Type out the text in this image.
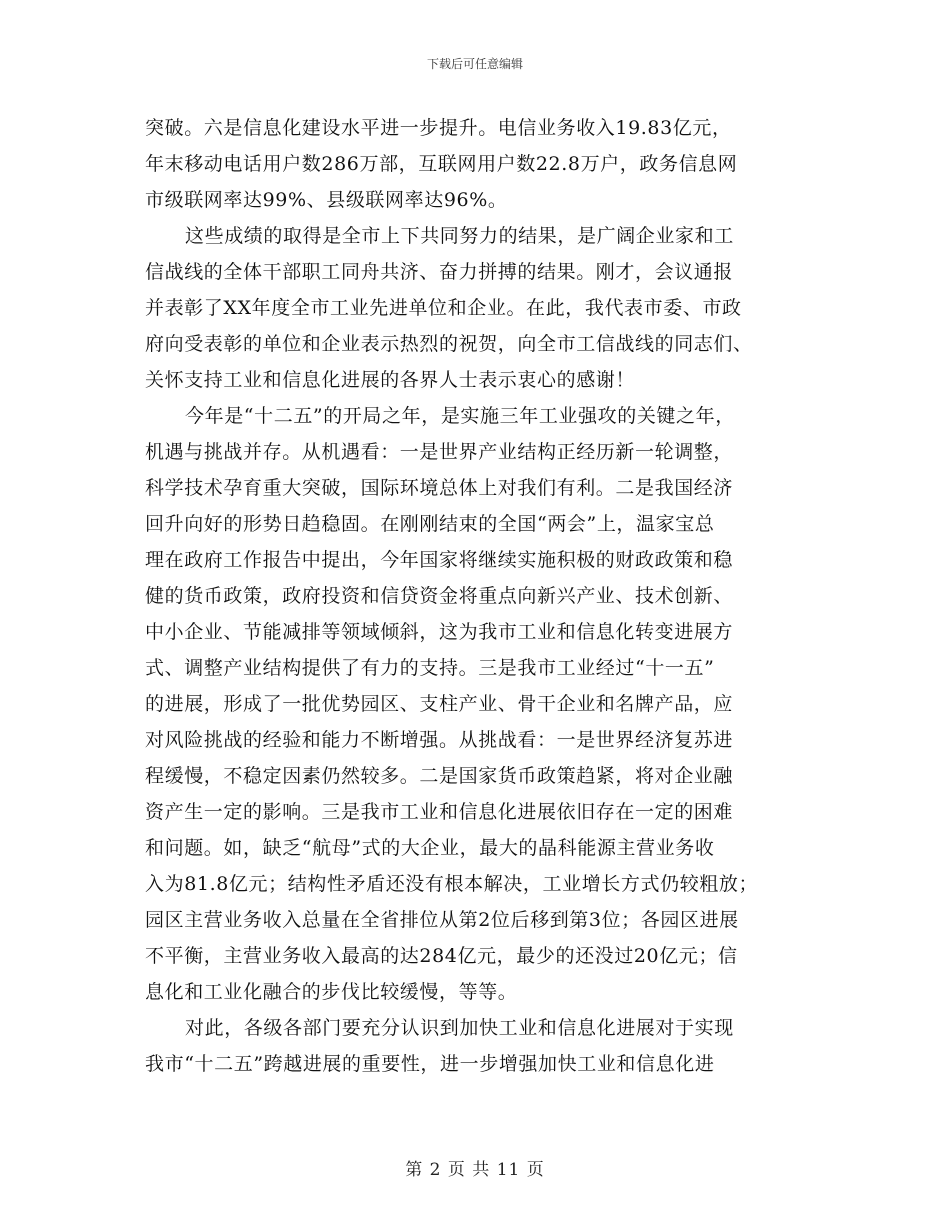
下载后可任意编辑
突破。六是信息化建设水平进一步提升。电信业务收入19.83亿元，
年末移动电话用户数286万部，互联网用户数22.8万户，政务信息网
市级联网率达99%、县级联网率达96%。
这些成绩的取得是全市上下共同努力的结果，是广阔企业家和工
信战线的全体干部职工同舟共济、奋力拼搏的结果。刚才，会议通报
并表彰了XX年度全市工业先进单位和企业。在此，我代表市委、市政
府向受表彰的单位和企业表示热烈的祝贺，向全市工信战线的同志们、
关怀支持工业和信息化进展的各界人士表示衷心的感谢！
今年是“十二五”的开局之年，是实施三年工业强攻的关键之年，
机遇与挑战并存。从机遇看：一是世界产业结构正经历新一轮调整，
科学技术孕育重大突破，国际环境总体上对我们有利。二是我国经济
回升向好的形势日趋稳固。在刚刚结束的全国“两会”上，温家宝总
理在政府工作报告中提出，今年国家将继续实施积极的财政政策和稳
健的货币政策，政府投资和信贷资金将重点向新兴产业、技术创新、
中小企业、节能减排等领域倾斜，这为我市工业和信息化转变进展方
式、调整产业结构提供了有力的支持。三是我市工业经过“十一五”
的进展，形成了一批优势园区、支柱产业、骨干企业和名牌产品，应
对风险挑战的经验和能力不断增强。从挑战看：一是世界经济复苏进
程缓慢，不稳定因素仍然较多。二是国家货币政策趋紧，将对企业融
资产生一定的影响。三是我市工业和信息化进展依旧存在一定的困难
和问题。如，缺乏“航母”式的大企业，最大的晶科能源主营业务收
入为81.8亿元；结构性矛盾还没有根本解决，工业增长方式仍较粗放；
园区主营业务收入总量在全省排位从第2位后移到第3位；各园区进展
不平衡，主营业务收入最高的达284亿元，最少的还没过20亿元；信
息化和工业化融合的步伐比较缓慢，等等。
对此，各级各部门要充分认识到加快工业和信息化进展对于实现
我市“十二五”跨越进展的重要性，进一步增强加快工业和信息化进
第 2 页 共 11 页
